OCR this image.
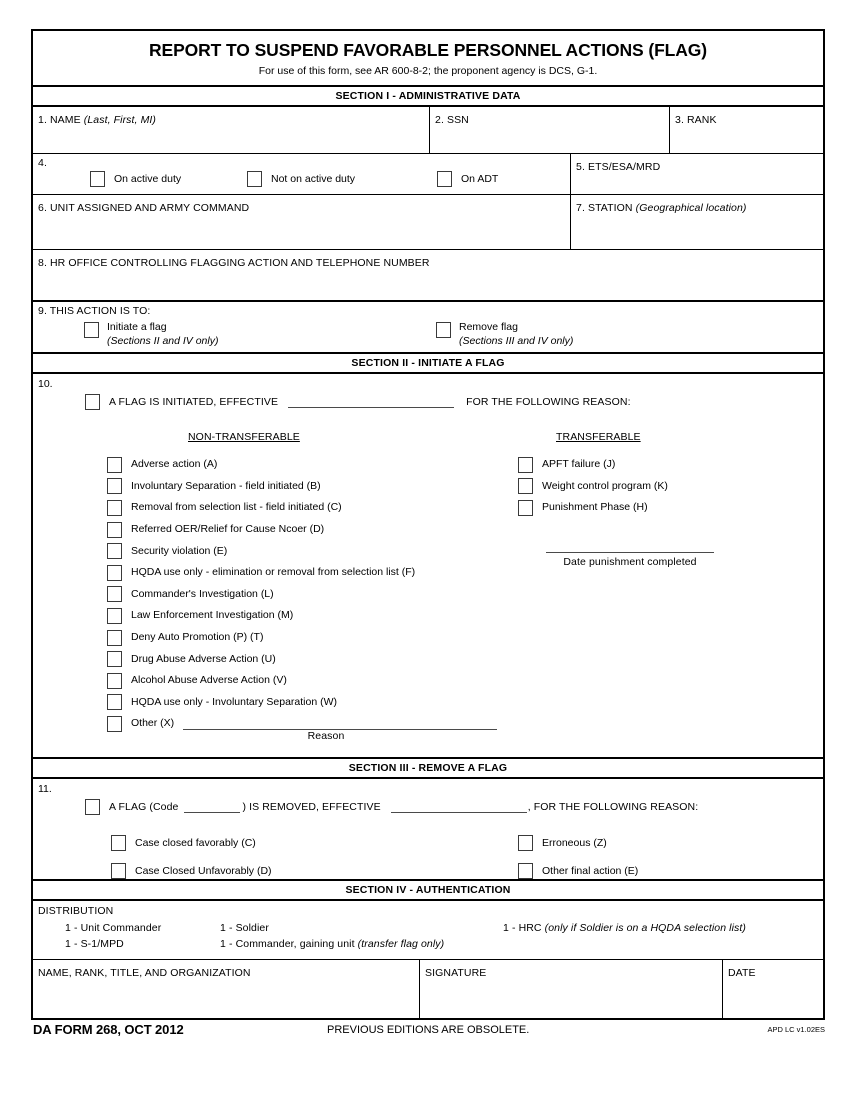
REPORT TO SUSPEND FAVORABLE PERSONNEL ACTIONS (FLAG)
For use of this form, see AR 600-8-2; the proponent agency is DCS, G-1.
SECTION I - ADMINISTRATIVE DATA
1. NAME (Last, First, MI)	2. SSN	3. RANK
4.
On active duty	Not on active duty	On ADT
5. ETS/ESA/MRD
6. UNIT ASSIGNED AND ARMY COMMAND	7. STATION (Geographical location)
8. HR OFFICE CONTROLLING FLAGGING ACTION AND TELEPHONE NUMBER
9. THIS ACTION IS TO:
Initiate a flag
(Sections II and IV only)
Remove flag
(Sections III and IV only)
SECTION II - INITIATE A FLAG
10.
A FLAG IS INITIATED, EFFECTIVE	FOR THE FOLLOWING REASON:
NON-TRANSFERABLE	TRANSFERABLE
Adverse action (A)
Involuntary Separation - field initiated (B)
Removal from selection list - field initiated (C)
Referred OER/Relief for Cause Ncoer (D)
Security violation (E)
HQDA use only - elimination or removal from selection list (F)
Commander's Investigation (L)
Law Enforcement Investigation (M)
Deny Auto Promotion (P) (T)
Drug Abuse Adverse Action (U)
Alcohol Abuse Adverse Action (V)
HQDA use only - Involuntary Separation (W)
Other (X)
Reason
APFT failure (J)
Weight control program (K)
Punishment Phase (H)
Date punishment completed
SECTION III - REMOVE A FLAG
11.
A FLAG (Code	) IS REMOVED, EFFECTIVE	, FOR THE FOLLOWING REASON:
Case closed favorably (C)
Case Closed Unfavorably (D)
Erroneous (Z)
Other final action (E)
SECTION IV - AUTHENTICATION
DISTRIBUTION
1 - Unit Commander	1 - Soldier	1 - HRC (only if Soldier is on a HQDA selection list)
1 - S-1/MPD	1 - Commander, gaining unit (transfer flag only)
NAME, RANK, TITLE, AND ORGANIZATION	SIGNATURE	DATE
DA FORM 268, OCT 2012	PREVIOUS EDITIONS ARE OBSOLETE.	APD LC v1.02ES
